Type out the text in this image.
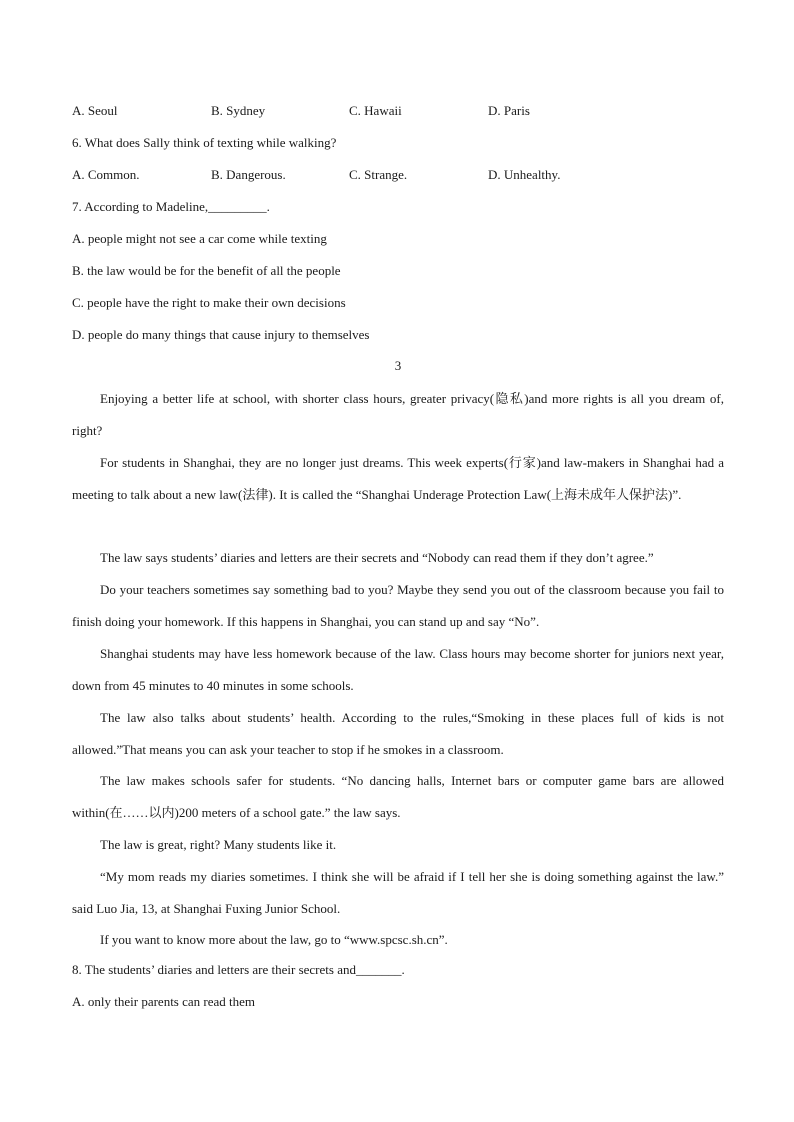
A. Seoul	B. Sydney	C. Hawaii	D. Paris
6. What does Sally think of texting while walking?
A. Common.	B. Dangerous.	C. Strange.	D. Unhealthy.
7. According to Madeline,_________.
A. people might not see a car come while texting
B. the law would be for the benefit of all the people
C. people have the right to make their own decisions
D. people do many things that cause injury to themselves
3
Enjoying a better life at school, with shorter class hours, greater privacy(隐私)and more rights is all you dream of, right?
For students in Shanghai, they are no longer just dreams. This week experts(行家)and law-makers in Shanghai had a meeting to talk about a new law(法律). It is called the “Shanghai Underage Protection Law(上海未成年人保护法)”.
The law says students’ diaries and letters are their secrets and “Nobody can read them if they don’t agree.”
Do your teachers sometimes say something bad to you? Maybe they send you out of the classroom because you fail to finish doing your homework. If this happens in Shanghai, you can stand up and say “No”.
Shanghai students may have less homework because of the law. Class hours may become shorter for juniors next year, down from 45 minutes to 40 minutes in some schools.
The law also talks about students’ health. According to the rules,“Smoking in these places full of kids is not allowed.”That means you can ask your teacher to stop if he smokes in a classroom.
The law makes schools safer for students. “No dancing halls, Internet bars or computer game bars are allowed within(在……以内)200 meters of a school gate.” the law says.
The law is great, right? Many students like it.
“My mom reads my diaries sometimes. I think she will be afraid if I tell her she is doing something against the law.” said Luo Jia, 13, at Shanghai Fuxing Junior School.
If you want to know more about the law, go to “www.spcsc.sh.cn”.
8. The students’ diaries and letters are their secrets and_______.
A. only their parents can read them
